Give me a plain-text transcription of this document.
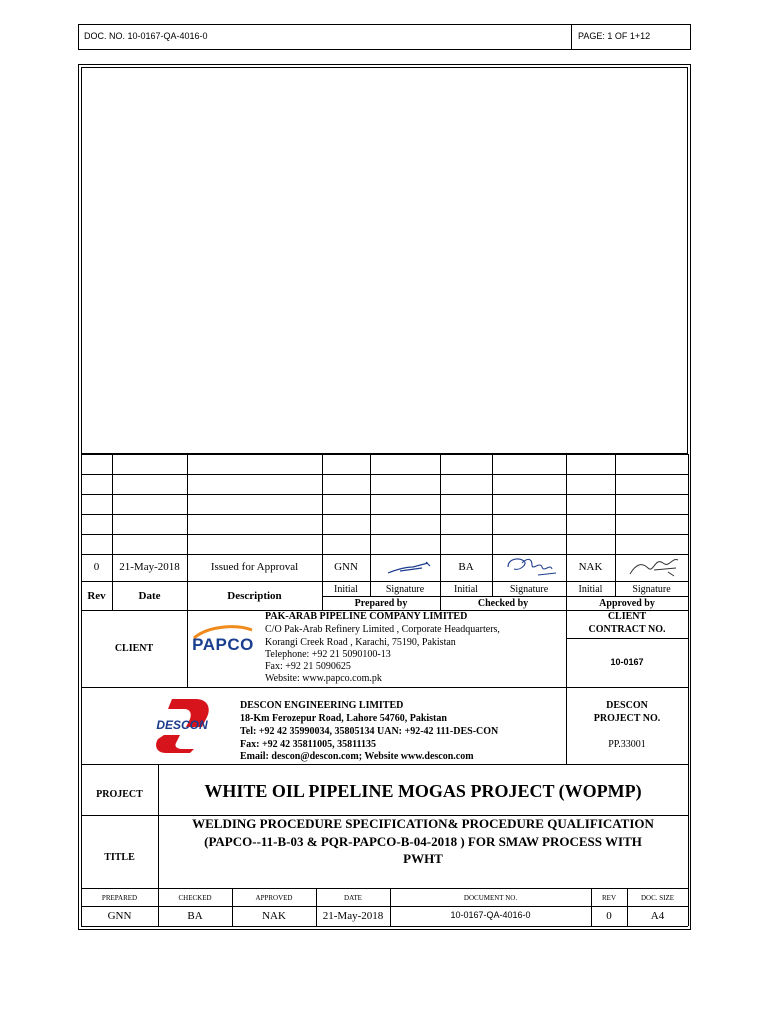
DOC. NO. 10-0167-QA-4016-0	PAGE: 1 OF 1+12
0	21-May-2018	Issued for Approval	GNN	BA	NAK
Rev	Date	Description
Initial	Signature	Initial	Signature	Initial	Signature
Prepared by	Checked by	Approved by
CLIENT	PAPCO
PAK-ARAB PIPELINE COMPANY LIMITED
C/O Pak-Arab Refinery Limited , Corporate Headquarters,
Korangi Creek Road , Karachi, 75190, Pakistan
Telephone: +92 21 5090100-13
Fax: +92 21 5090625
Website: www.papco.com.pk
CLIENT
CONTRACT NO.
10-0167
DESCON
DESCON ENGINEERING LIMITED
18-Km Ferozepur Road, Lahore 54760, Pakistan
Tel: +92 42 35990034, 35805134 UAN: +92-42 111-DES-CON
Fax: +92 42 35811005, 35811135
Email: descon@descon.com; Website www.descon.com
DESCON
PROJECT NO.
PP.33001
PROJECT	WHITE OIL PIPELINE MOGAS PROJECT (WOPMP)
TITLE
WELDING PROCEDURE SPECIFICATION& PROCEDURE QUALIFICATION
(PAPCO--11-B-03 & PQR-PAPCO-B-04-2018 ) FOR SMAW PROCESS WITH
PWHT
PREPARED	CHECKED	APPROVED	DATE	DOCUMENT NO.	REV	DOC. SIZE
GNN	BA	NAK	21-May-2018	10-0167-QA-4016-0	0	A4
